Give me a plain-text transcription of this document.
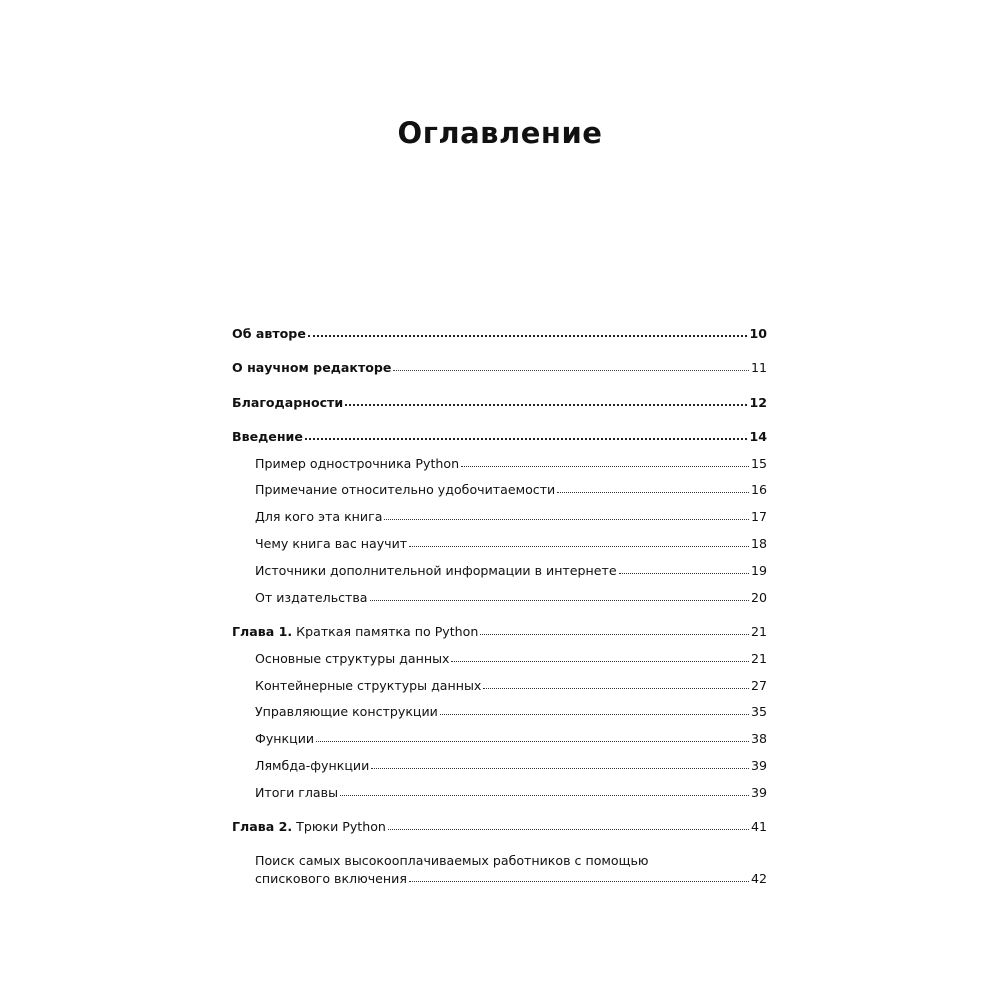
Оглавление
Об авторе	10
О научном редакторе	11
Благодарности	12
Введение	14
Пример однострочника Python	15
Примечание относительно удобочитаемости	16
Для кого эта книга	17
Чему книга вас научит	18
Источники дополнительной информации в интернете	19
От издательства	20
Глава 1. Краткая памятка по Python	21
Основные структуры данных	21
Контейнерные структуры данных	27
Управляющие конструкции	35
Функции	38
Лямбда-функции	39
Итоги главы	39
Глава 2. Трюки Python	41
Поиск самых высокооплачиваемых работников с помощью
спискового включения	42
